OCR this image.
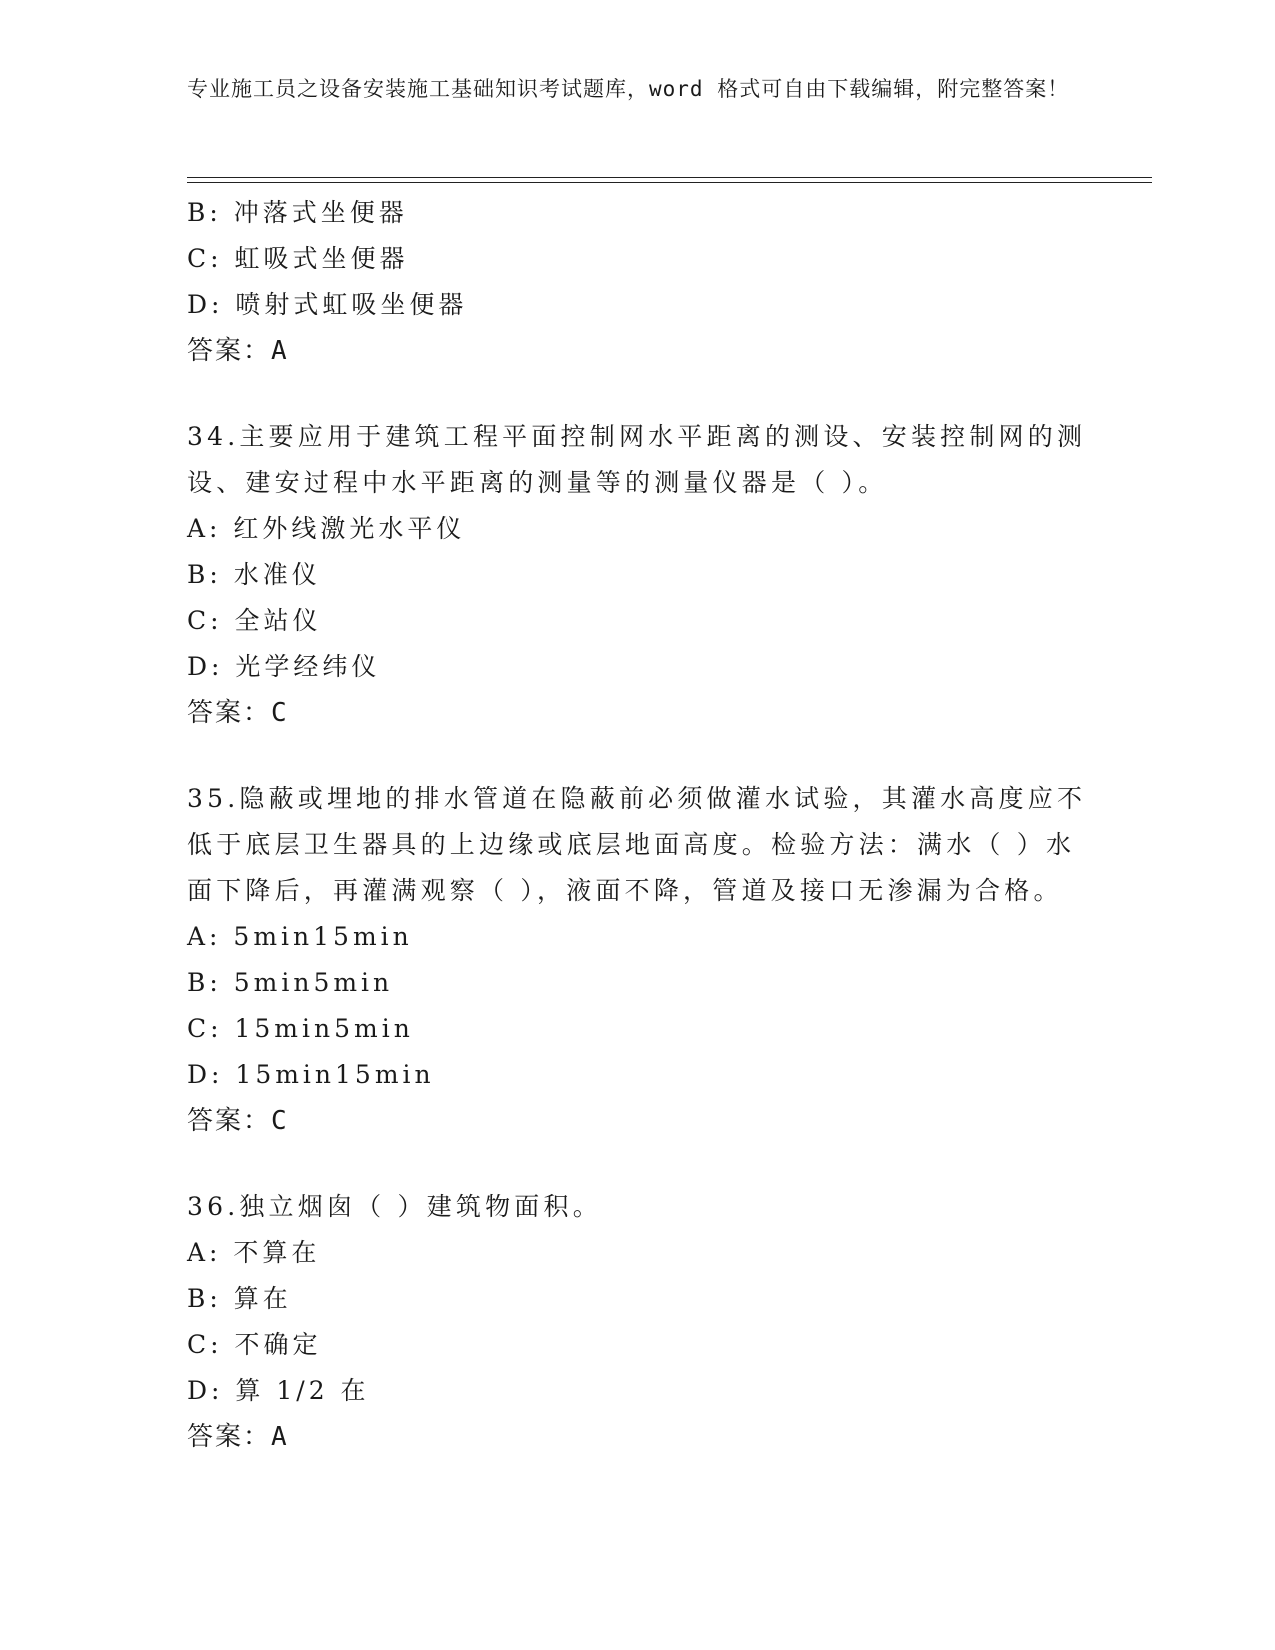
专业施工员之设备安装施工基础知识考试题库，word 格式可自由下载编辑，附完整答案！
B: 冲落式坐便器
C: 虹吸式坐便器
D: 喷射式虹吸坐便器
答案：A
34.主要应用于建筑工程平面控制网水平距离的测设、安装控制网的测设、建安过程中水平距离的测量等的测量仪器是（ ）。
A: 红外线激光水平仪
B: 水准仪
C: 全站仪
D: 光学经纬仪
答案：C
35.隐蔽或埋地的排水管道在隐蔽前必须做灌水试验，其灌水高度应不低于底层卫生器具的上边缘或底层地面高度。检验方法：满水（ ）水面下降后，再灌满观察（ ），液面不降，管道及接口无渗漏为合格。
A: 5min15min
B: 5min5min
C: 15min5min
D: 15min15min
答案：C
36.独立烟囱（ ）建筑物面积。
A: 不算在
B: 算在
C: 不确定
D: 算 1/2 在
答案：A
